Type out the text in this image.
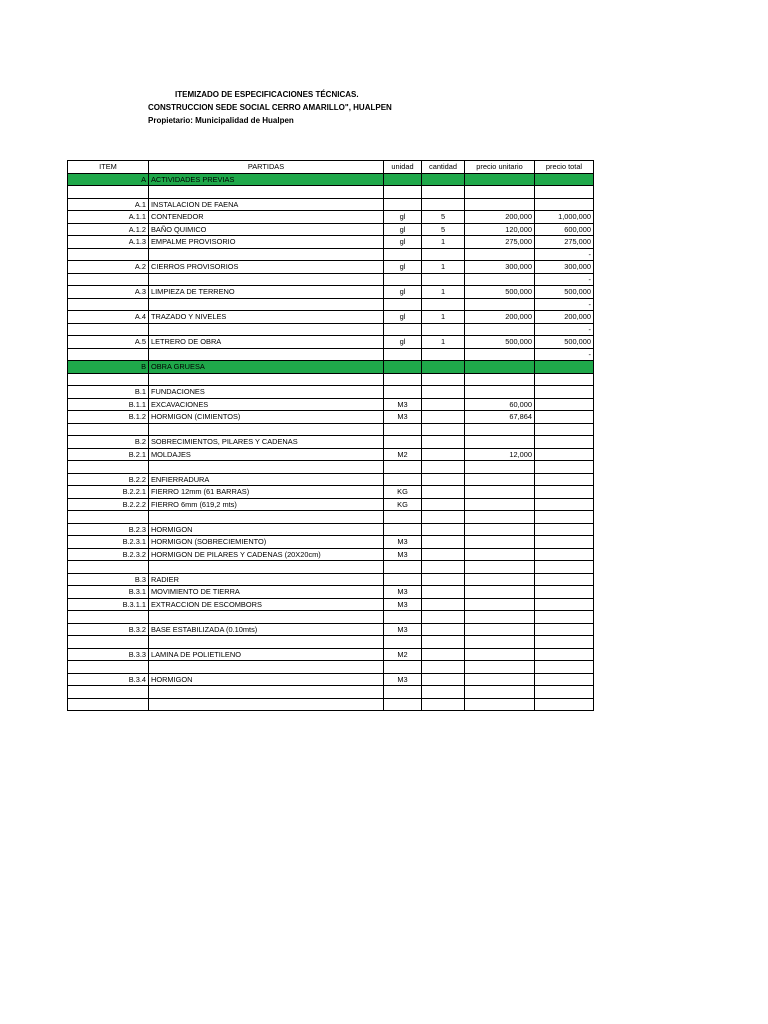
ITEMIZADO DE ESPECIFICACIONES TÉCNICAS.
CONSTRUCCION SEDE SOCIAL CERRO AMARILLO", HUALPEN
Propietario: Municipalidad de Hualpen
ITEM	PARTIDAS	unidad	cantidad	precio unitario	precio total
A	ACTIVIDADES PREVIAS				

A.1	INSTALACION DE FAENA				
A.1.1	CONTENEDOR	gl	5	200,000	1,000,000
A.1.2	BAÑO QUIMICO	gl	5	120,000	600,000
A.1.3	EMPALME PROVISORIO	gl	1	275,000	275,000
					-
A.2	CIERROS PROVISORIOS	gl	1	300,000	300,000
					-
A.3	LIMPIEZA DE TERRENO	gl	1	500,000	500,000
					-
A.4	TRAZADO Y NIVELES	gl	1	200,000	200,000
					-
A.5	LETRERO DE OBRA	gl	1	500,000	500,000
					-
B	OBRA GRUESA				

B.1	FUNDACIONES				
B.1.1	EXCAVACIONES	M3		60,000	
B.1.2	HORMIGON (CIMIENTOS)	M3		67,864	

B.2	SOBRECIMIENTOS, PILARES Y CADENAS				
B.2.1	MOLDAJES	M2		12,000	

B.2.2	ENFIERRADURA				
B.2.2.1	FIERRO 12mm (61 BARRAS)	KG			
B.2.2.2	FIERRO 6mm (619,2 mts)	KG			

B.2.3	HORMIGON				
B.2.3.1	HORMIGON (SOBRECIEMIENTO)	M3			
B.2.3.2	HORMIGON DE PILARES Y CADENAS (20X20cm)	M3			

B.3	RADIER				
B.3.1	MOVIMIENTO DE TIERRA	M3			
B.3.1.1	EXTRACCION DE ESCOMBORS	M3			

B.3.2	BASE ESTABILIZADA (0.10mts)	M3			

B.3.3	LAMINA DE POLIETILENO	M2			

B.3.4	HORMIGON	M3			
